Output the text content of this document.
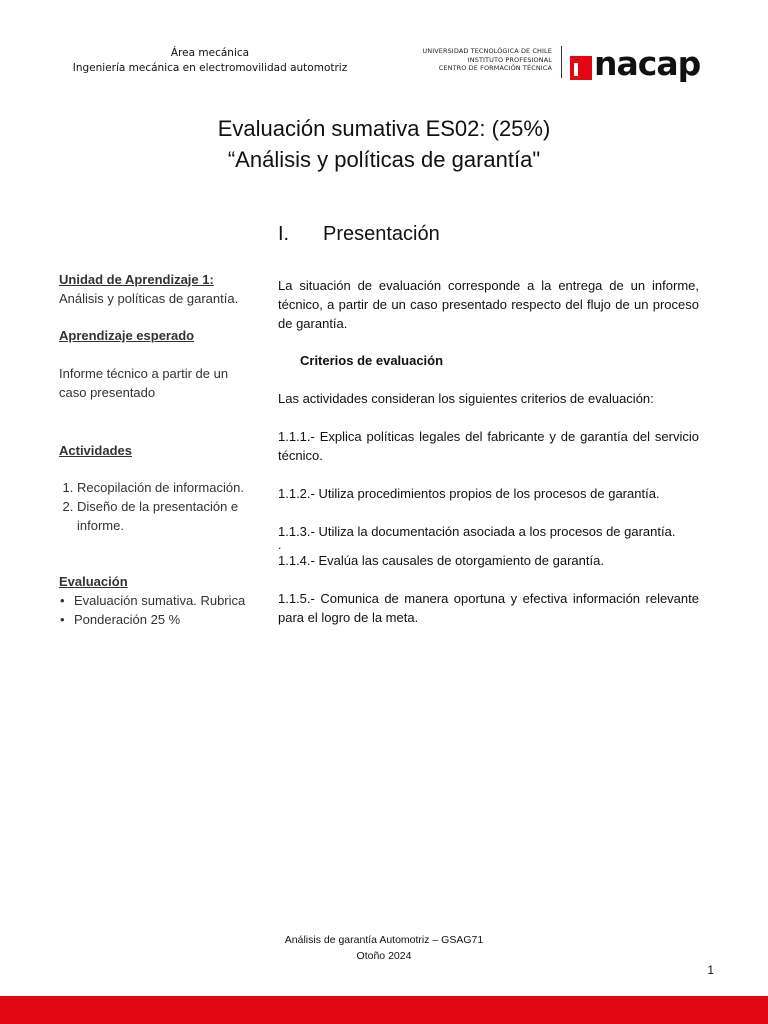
Área mecánica
Ingeniería mecánica en electromovilidad automotriz
UNIVERSIDAD TECNOLÓGICA DE CHILE
INSTITUTO PROFESIONAL
CENTRO DE FORMACIÓN TÉCNICA nacap
Evaluación sumativa ES02: (25%)
“Análisis y políticas de garantía"
I. Presentación

Unidad de Aprendizaje 1:

Análisis y políticas de garantía.

Aprendizaje esperado

Informe técnico a partir de un caso presentado

Actividades

1. Recopilación de información.
2. Diseño de la presentación e informe.

Evaluación

• Evaluación sumativa. Rubrica
• Ponderación 25 %

La situación de evaluación corresponde a la entrega de un informe, técnico, a partir de un caso presentado respecto del flujo de un proceso de garantía.

Criterios de evaluación

Las actividades consideran los siguientes criterios de evaluación:

1.1.1.- Explica políticas legales del fabricante y de garantía del servicio técnico.

1.1.2.- Utiliza procedimientos propios de los procesos de garantía.

1.1.3.- Utiliza la documentación asociada a los procesos de garantía.

.

1.1.4.- Evalúa las causales de otorgamiento de garantía.

1.1.5.- Comunica de manera oportuna y efectiva información relevante para el logro de la meta.

Análisis de garantía Automotriz – GSAG71
Otoño 2024
1
